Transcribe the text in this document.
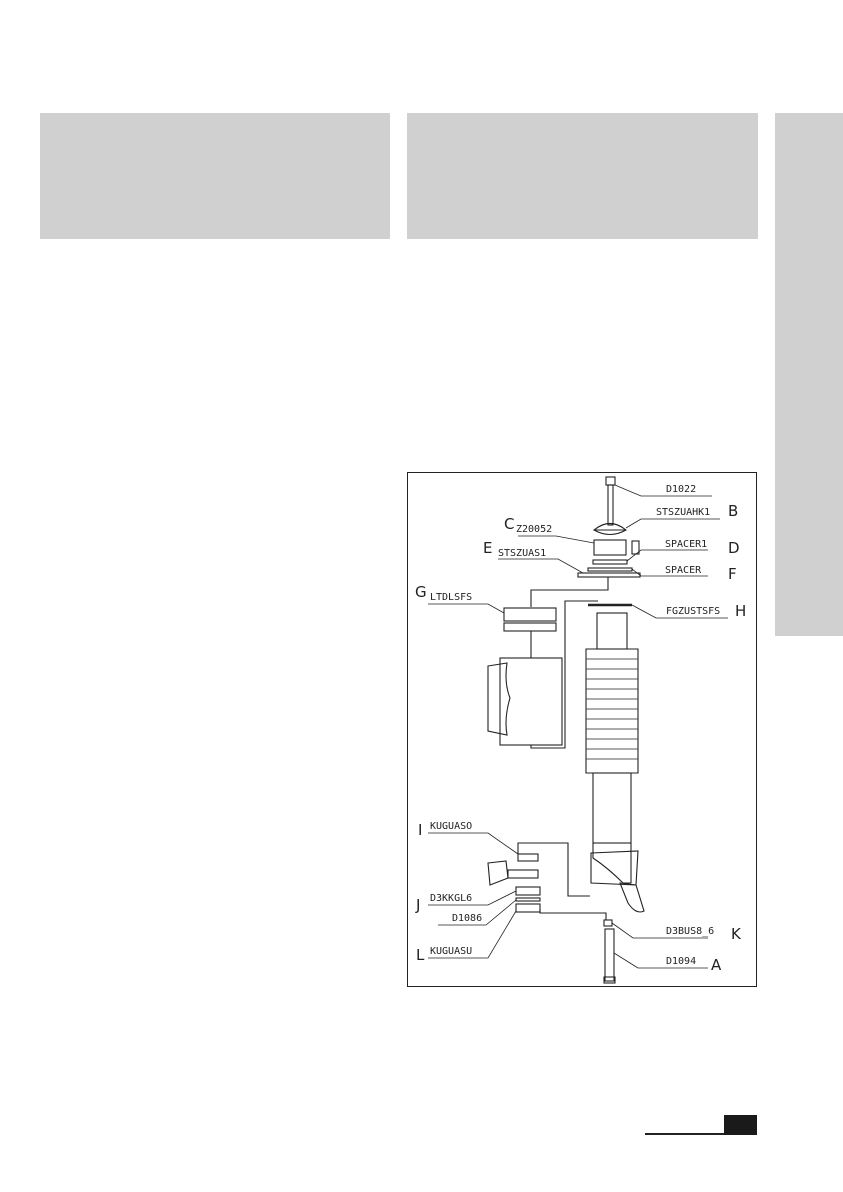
D1022
STSZUAHK1
Z20052
SPACER1
STSZUAS1
SPACER
LTDLSFS
FGZUSTSFS
KUGUASO
D3KKGL6
D1086
KUGUASU
D3BUS8_6
D1094
B
C
D
E
F
G
H
I
J
L
K
A
